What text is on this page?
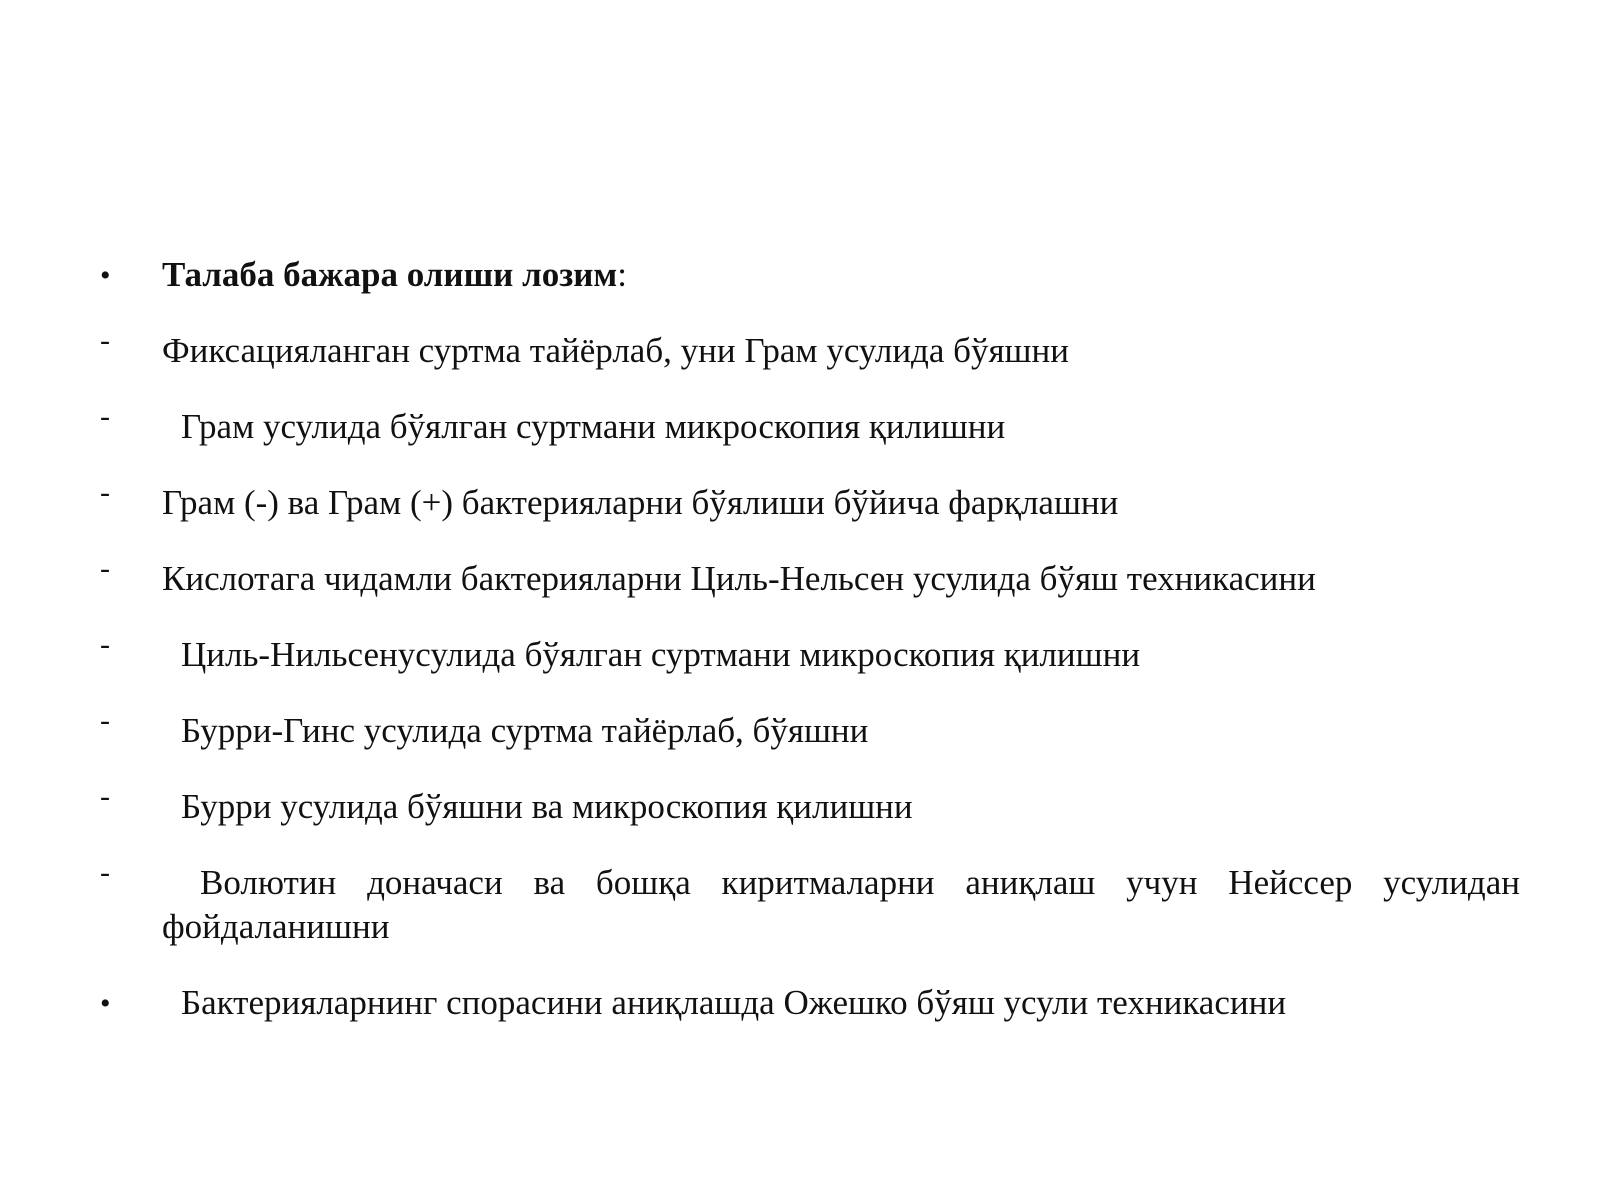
•	Талаба бажара олиши лозим:
-	Фиксацияланган суртма тайёрлаб, уни Грам усулида бўяшни
-	Грам усулида бўялган суртмани микроскопия қилишни
-	Грам (-) ва Грам (+) бактерияларни бўялиши бўйича фарқлашни
-	Кислотага чидамли бактерияларни Циль-Нельсен усулида бўяш техникасини
-	Циль-Нильсенусулида бўялган суртмани микроскопия қилишни
-	Бурри-Гинс усулида суртма тайёрлаб, бўяшни
-	Бурри усулида бўяшни ва микроскопия қилишни
-	Волютин доначаси ва бошқа киритмаларни аниқлаш учун Нейссер усулидан фойдаланишни
•	Бактерияларнинг спорасини аниқлашда Ожешко бўяш усули техникасини
